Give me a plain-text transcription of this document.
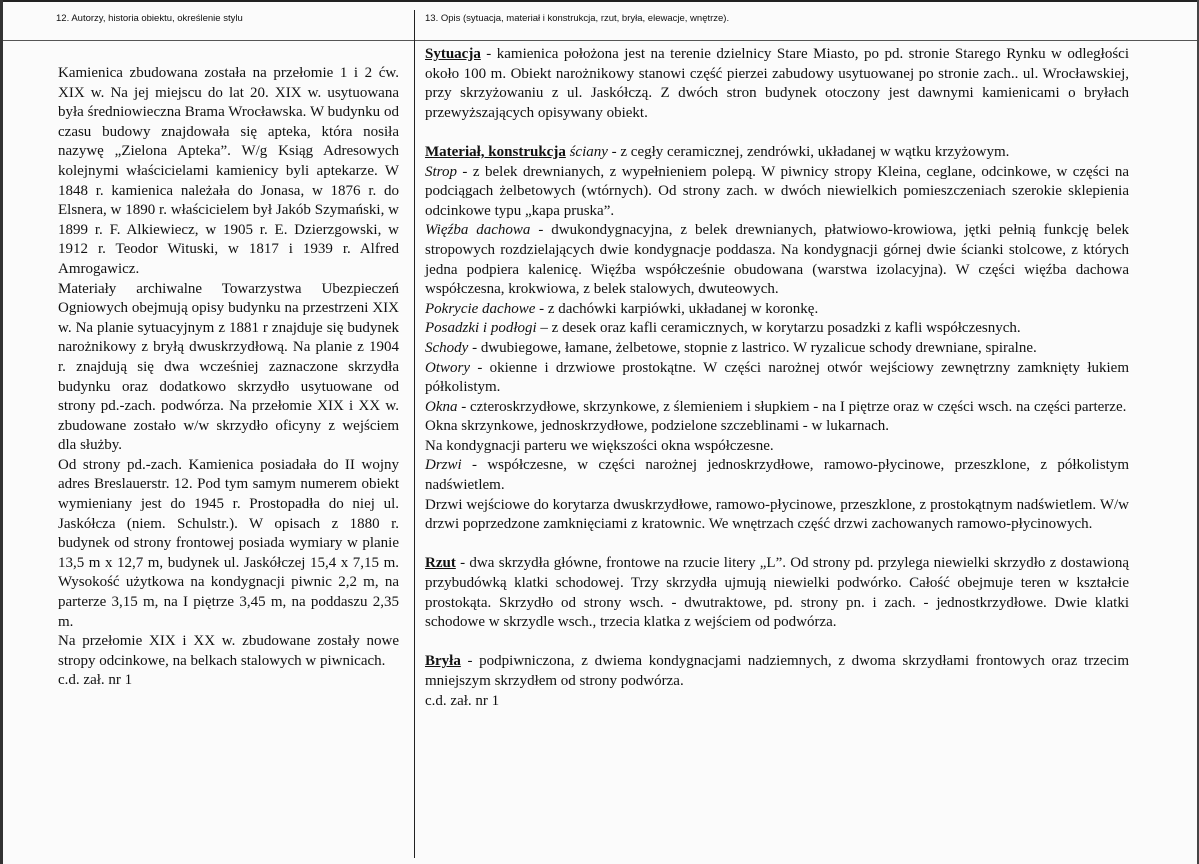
12. Autorzy, historia obiektu, określenie stylu	13. Opis (sytuacja, materiał i konstrukcja, rzut, bryła, elewacje, wnętrze).

Kamienica zbudowana została na przełomie 1 i 2 ćw. XIX w. Na jej miejscu do lat 20. XIX w. usytuowana była średniowieczna Brama Wrocławska. W budynku od czasu budowy znajdowała się apteka, która nosiła nazywę „Zielona Apteka”. W/g Ksiąg Adresowych kolejnymi właścicielami kamienicy byli aptekarze. W 1848 r. kamienica należała do Jonasa, w 1876 r. do Elsnera, w 1890 r. właścicielem był Jakób Szymański, w 1899 r. F. Alkiewiecz, w 1905 r. E. Dzierzgowski, w 1912 r. Teodor Wituski, w 1817 i 1939 r. Alfred Amrogawicz.

Materiały archiwalne Towarzystwa Ubezpieczeń Ogniowych obejmują opisy budynku na przestrzeni XIX w. Na planie sytuacyjnym z 1881 r znajduje się budynek narożnikowy z bryłą dwuskrzydłową. Na planie z 1904 r. znajdują się dwa wcześniej zaznaczone skrzydła budynku oraz dodatkowo skrzydło usytuowane od strony pd.-zach. podwórza. Na przełomie XIX i XX w. zbudowane zostało w/w skrzydło oficyny z wejściem dla służby.

Od strony pd.-zach. Kamienica posiadała do II wojny adres Breslauerstr. 12. Pod tym samym numerem obiekt wymieniany jest do 1945 r. Prostopadła do niej ul. Jaskółcza (niem. Schulstr.). W opisach z 1880 r. budynek od strony frontowej posiada wymiary w planie 13,5 m x 12,7 m, budynek ul. Jaskółczej 15,4 x 7,15 m. Wysokość użytkowa na kondygnacji piwnic 2,2 m, na parterze 3,15 m, na I piętrze 3,45 m, na poddaszu 2,35 m.

Na przełomie XIX i XX w. zbudowane zostały nowe stropy odcinkowe, na belkach stalowych w piwnicach.

c.d. zał. nr 1

Sytuacja - kamienica położona jest na terenie dzielnicy Stare Miasto, po pd. stronie Starego Rynku w odległości około 100 m. Obiekt narożnikowy stanowi część pierzei zabudowy usytuowanej po stronie zach.. ul. Wrocławskiej, przy skrzyżowaniu z ul. Jaskółczą. Z dwóch stron budynek otoczony jest dawnymi kamienicami o bryłach przewyższających opisywany obiekt.

Materiał, konstrukcja ściany - z cegły ceramicznej, zendrówki, układanej w wątku krzyżowym.

Strop - z belek drewnianych, z wypełnieniem polepą. W piwnicy stropy Kleina, ceglane, odcinkowe, w części na podciągach żelbetowych (wtórnych). Od strony zach. w dwóch niewielkich pomieszczeniach szerokie sklepienia odcinkowe typu „kapa pruska”.

Więźba dachowa - dwukondygnacyjna, z belek drewnianych, płatwiowo-krowiowa, jętki pełnią funkcję belek stropowych rozdzielających dwie kondygnacje poddasza. Na kondygnacji górnej dwie ścianki stolcowe, z których jedna podpiera kalenicę. Więźba współcześnie obudowana (warstwa izolacyjna). W części więźba dachowa współczesna, krokwiowa, z belek stalowych, dwuteowych.

Pokrycie dachowe - z dachówki karpiówki, układanej w koronkę.

Posadzki i podłogi – z desek oraz kafli ceramicznych, w korytarzu posadzki z kafli współczesnych.

Schody - dwubiegowe, łamane, żelbetowe, stopnie z lastrico. W ryzalicue schody drewniane, spiralne.

Otwory - okienne i drzwiowe prostokątne. W części narożnej otwór wejściowy zewnętrzny zamknięty łukiem półkolistym.

Okna - czteroskrzydłowe, skrzynkowe, z ślemieniem i słupkiem - na I piętrze oraz w części wsch. na części parterze.

Okna skrzynkowe, jednoskrzydłowe, podzielone szczeblinami - w lukarnach.

Na kondygnacji parteru we większości okna współczesne.

Drzwi - współczesne, w części narożnej jednoskrzydłowe, ramowo-płycinowe, przeszklone, z półkolistym nadświetlem.

Drzwi wejściowe do korytarza dwuskrzydłowe, ramowo-płycinowe, przeszklone, z prostokątnym nadświetlem. W/w drzwi poprzedzone zamknięciami z kratownic. We wnętrzach część drzwi zachowanych ramowo-płycinowych.

Rzut - dwa skrzydła główne, frontowe na rzucie litery „L”. Od strony pd. przylega niewielki skrzydło z dostawioną przybudówką klatki schodowej. Trzy skrzydła ujmują niewielki podwórko. Całość obejmuje teren w kształcie prostokąta. Skrzydło od strony wsch. - dwutraktowe, pd. strony pn. i zach. - jednostkrzydłowe. Dwie klatki schodowe w skrzydle wsch., trzecia klatka z wejściem od podwórza.

Bryła - podpiwniczona, z dwiema kondygnacjami nadziemnych, z dwoma skrzydłami frontowych oraz trzecim mniejszym skrzydłem od strony podwórza.

c.d. zał. nr 1
